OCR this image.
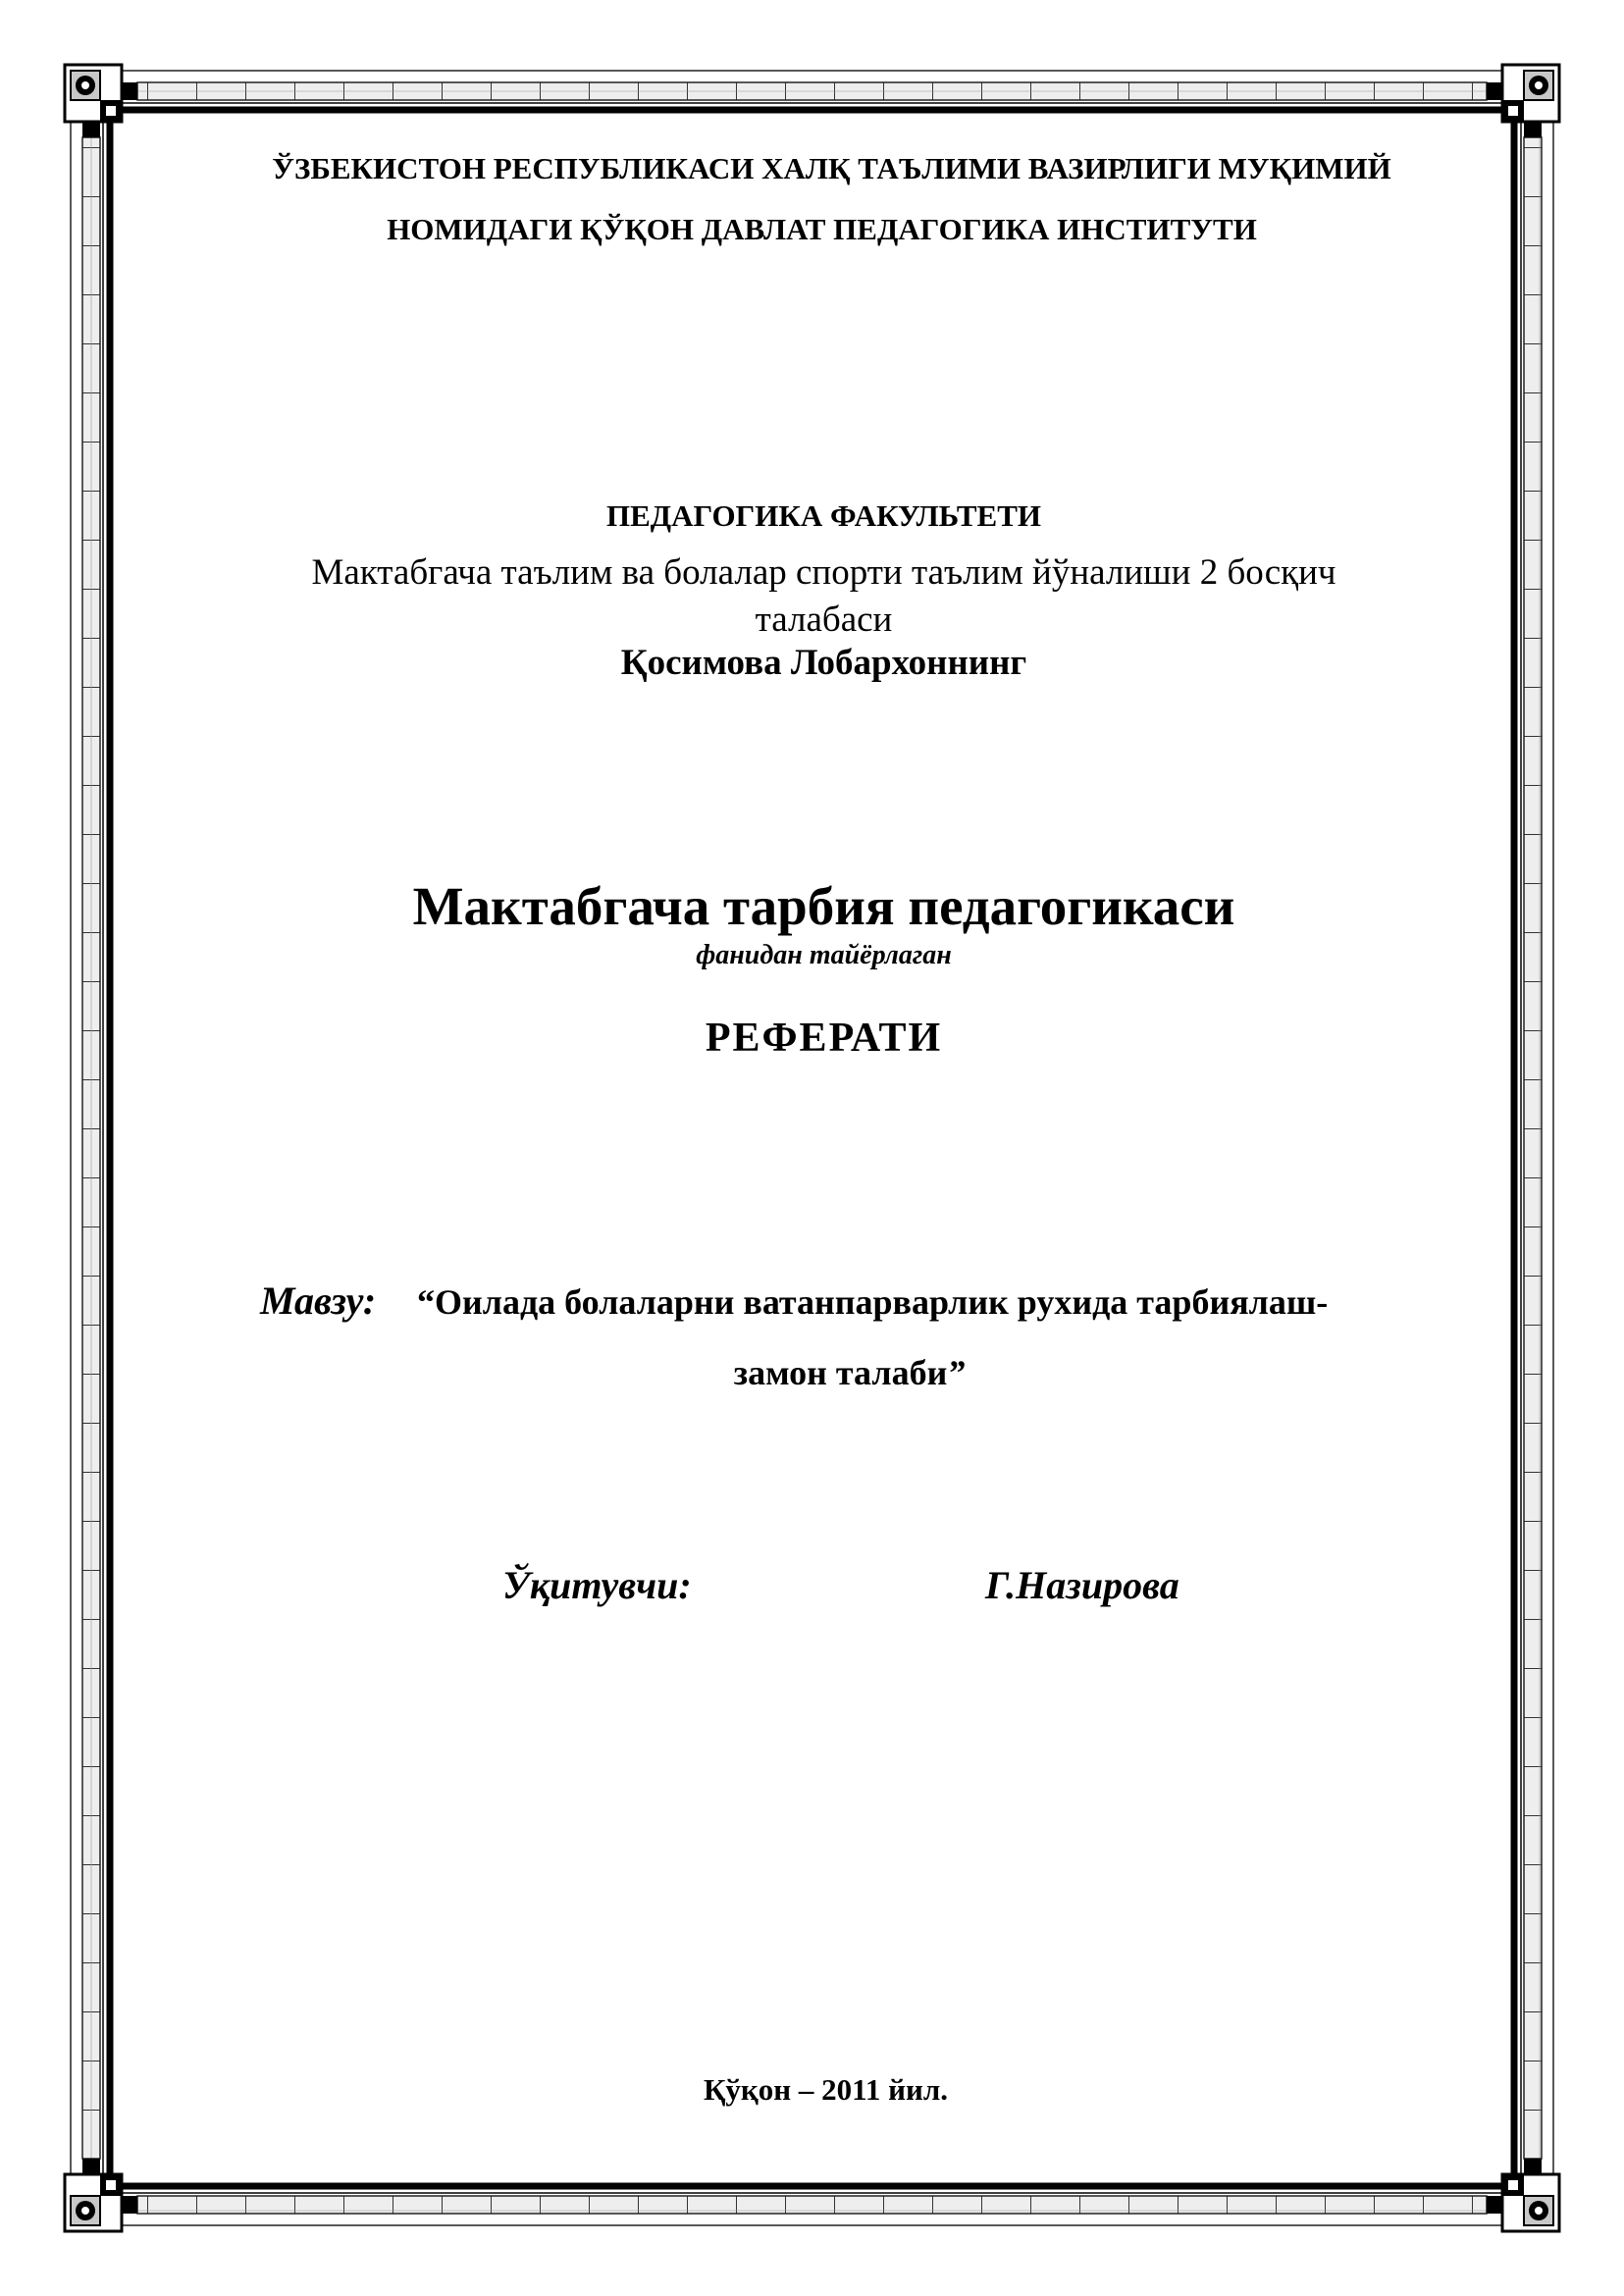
ЎЗБЕКИСТОН РЕСПУБЛИКАСИ ХАЛҚ ТАЪЛИМИ ВАЗИРЛИГИ МУҚИМИЙ
НОМИДАГИ ҚЎҚОН ДАВЛАТ ПЕДАГОГИКА ИНСТИТУТИ
ПЕДАГОГИКА ФАКУЛЬТЕТИ
Мактабгача таълим ва болалар спорти таълим йўналиши 2 босқич
талабаси
Қосимова Лобархоннинг
Мактабгача тарбия педагогикаси
фанидан тайёрлаган
РЕФЕРАТИ
Мавзу: “Оилада болаларни ватанпарварлик рухида тарбиялаш-
замон талаби”
Ўқитувчи:	Г.Назирова
Қўқон – 2011 йил.
